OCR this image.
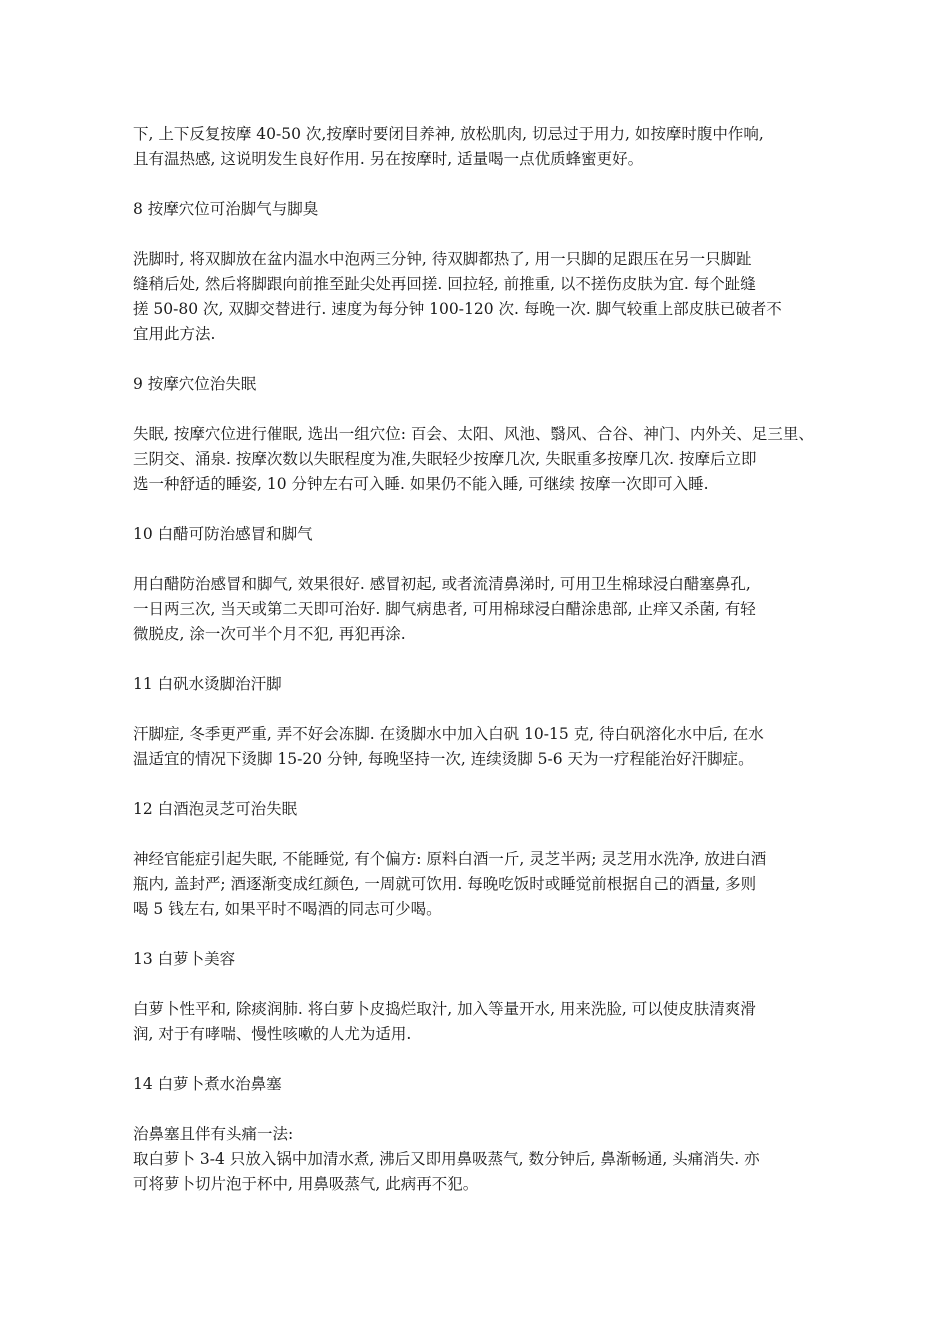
下, 上下反复按摩 40-50 次,按摩时要闭目养神, 放松肌肉, 切忌过于用力, 如按摩时腹中作响,
且有温热感, 这说明发生良好作用. 另在按摩时, 适量喝一点优质蜂蜜更好。

8 按摩穴位可治脚气与脚臭

洗脚时, 将双脚放在盆内温水中泡两三分钟, 待双脚都热了, 用一只脚的足跟压在另一只脚趾
缝稍后处, 然后将脚跟向前推至趾尖处再回搓. 回拉轻, 前推重, 以不搓伤皮肤为宜. 每个趾缝
搓 50-80 次, 双脚交替进行. 速度为每分钟 100-120 次. 每晚一次. 脚气较重上部皮肤已破者不
宜用此方法.

9 按摩穴位治失眠

失眠, 按摩穴位进行催眠, 选出一组穴位: 百会、太阳、风池、翳风、合谷、神门、内外关、足三里、
三阴交、涌泉. 按摩次数以失眠程度为准,失眠轻少按摩几次, 失眠重多按摩几次. 按摩后立即
选一种舒适的睡姿, 10 分钟左右可入睡. 如果仍不能入睡, 可继续 按摩一次即可入睡.

10 白醋可防治感冒和脚气

用白醋防治感冒和脚气, 效果很好. 感冒初起, 或者流清鼻涕时, 可用卫生棉球浸白醋塞鼻孔,
一日两三次, 当天或第二天即可治好. 脚气病患者, 可用棉球浸白醋涂患部, 止痒又杀菌, 有轻
微脱皮, 涂一次可半个月不犯, 再犯再涂.

11 白矾水烫脚治汗脚

汗脚症, 冬季更严重, 弄不好会冻脚. 在烫脚水中加入白矾 10-15 克, 待白矾溶化水中后, 在水
温适宜的情况下烫脚 15-20 分钟, 每晚坚持一次, 连续烫脚 5-6 天为一疗程能治好汗脚症。

12 白酒泡灵芝可治失眠

神经官能症引起失眠, 不能睡觉, 有个偏方: 原料白酒一斤, 灵芝半两; 灵芝用水洗净, 放进白酒
瓶内, 盖封严; 酒逐渐变成红颜色, 一周就可饮用. 每晚吃饭时或睡觉前根据自己的酒量, 多则
喝 5 钱左右, 如果平时不喝酒的同志可少喝。

13 白萝卜美容

白萝卜性平和, 除痰润肺. 将白萝卜皮捣烂取汁, 加入等量开水, 用来洗脸, 可以使皮肤清爽滑
润, 对于有哮喘、慢性咳嗽的人尤为适用.

14 白萝卜煮水治鼻塞

治鼻塞且伴有头痛一法:

取白萝卜 3-4 只放入锅中加清水煮, 沸后又即用鼻吸蒸气, 数分钟后, 鼻渐畅通, 头痛消失. 亦
可将萝卜切片泡于杯中, 用鼻吸蒸气, 此病再不犯。
